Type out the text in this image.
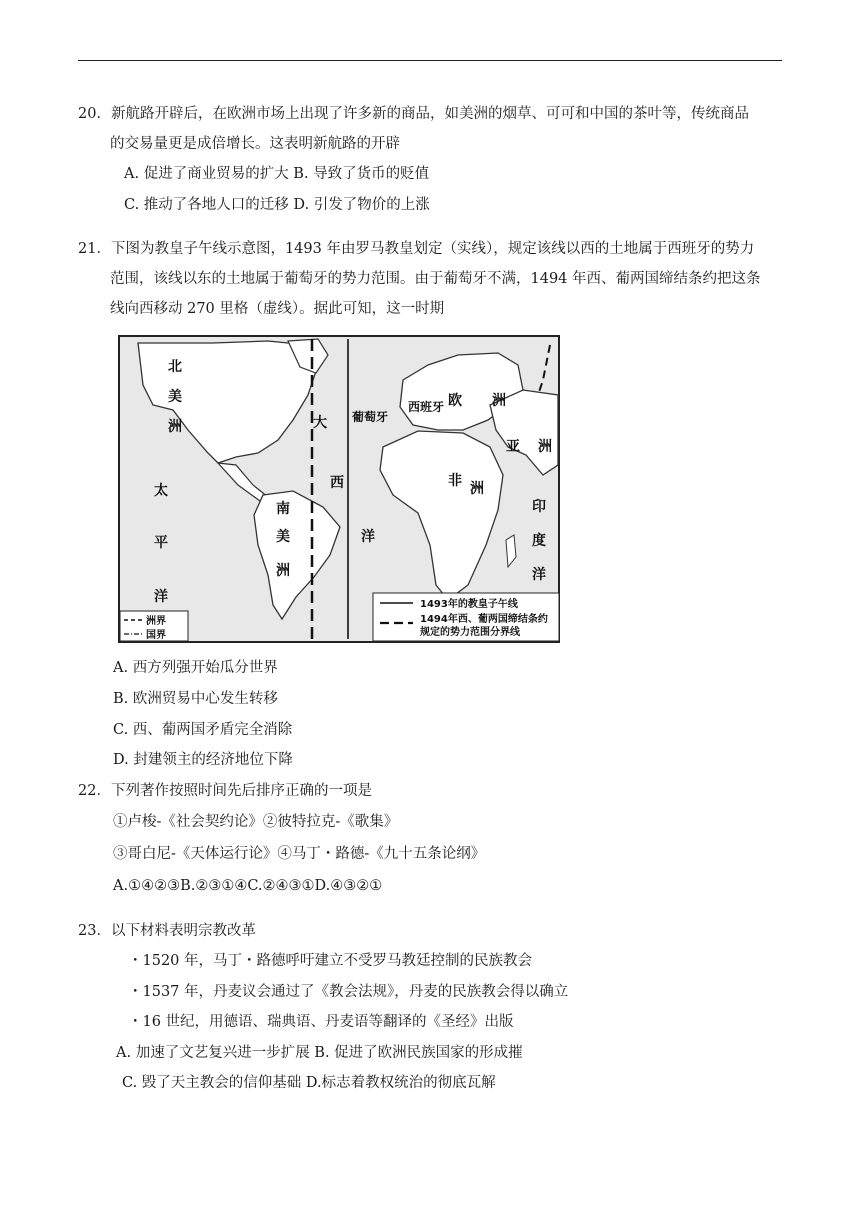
20．新航路开辟后，在欧洲市场上出现了许多新的商品，如美洲的烟草、可可和中国的茶叶等，传统商品
的交易量更是成倍增长。这表明新航路的开辟
A. 促进了商业贸易的扩大 B. 导致了货币的贬值
C. 推动了各地人口的迁移 D. 引发了物价的上涨
21．下图为教皇子午线示意图，1493 年由罗马教皇划定（实线），规定该线以西的土地属于西班牙的势力
范围，该线以东的土地属于葡萄牙的势力范围。由于葡萄牙不满，1494 年西、葡两国缔结条约把这条
线向西移动 270 里格（虚线）。据此可知，这一时期
北
美
洲
太
平
洋
南
美
洲
大
西
洋
葡萄牙
西班牙 欧 洲
非 洲
亚 洲
印
度
洋
洲界
国界
1493年的教皇子午线
1494年西、葡两国缔结条约
规定的势力范围分界线
A. 西方列强开始瓜分世界
B. 欧洲贸易中心发生转移
C. 西、葡两国矛盾完全消除
D. 封建领主的经济地位下降
22．下列著作按照时间先后排序正确的一项是
①卢梭-《社会契约论》②彼特拉克-《歌集》
③哥白尼-《天体运行论》④马丁・路德-《九十五条论纲》
A.①④②③B.②③①④C.②④③①D.④③②①
23．以下材料表明宗教改革
・1520 年，马丁・路德呼吁建立不受罗马教廷控制的民族教会
・1537 年，丹麦议会通过了《教会法规》，丹麦的民族教会得以确立
・16 世纪，用德语、瑞典语、丹麦语等翻译的《圣经》出版
A. 加速了文艺复兴进一步扩展 B. 促进了欧洲民族国家的形成摧
C. 毁了天主教会的信仰基础 D.标志着教权统治的彻底瓦解
